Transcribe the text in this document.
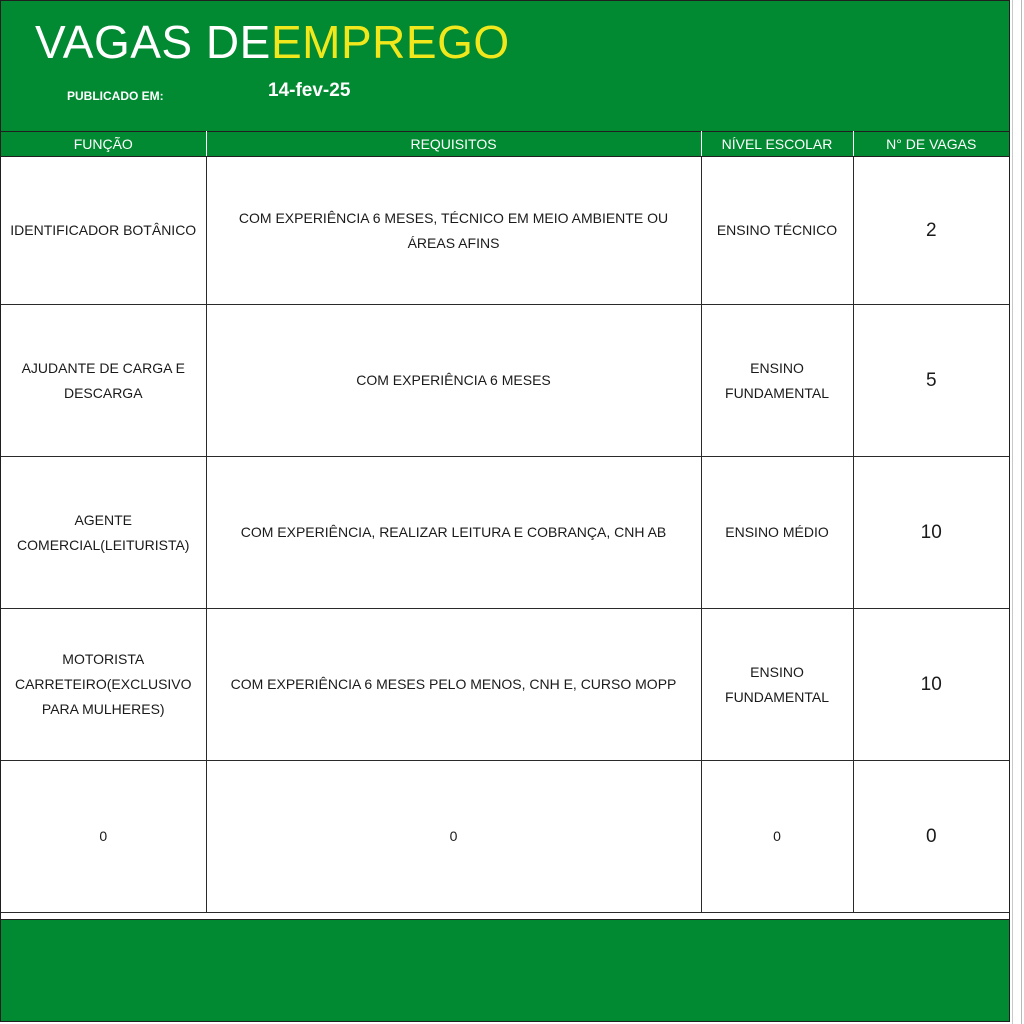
VAGAS DE EMPREGO
PUBLICADO EM:	14-fev-25
FUNÇÃO	REQUISITOS	NÍVEL ESCOLAR	N° DE VAGAS
IDENTIFICADOR BOTÂNICO	COM EXPERIÊNCIA 6 MESES, TÉCNICO EM MEIO AMBIENTE OU ÁREAS AFINS	ENSINO TÉCNICO	2
AJUDANTE DE CARGA E DESCARGA	COM EXPERIÊNCIA 6 MESES	ENSINO FUNDAMENTAL	5
AGENTE COMERCIAL(LEITURISTA)	COM EXPERIÊNCIA, REALIZAR LEITURA E COBRANÇA, CNH AB	ENSINO MÉDIO	10
MOTORISTA CARRETEIRO(EXCLUSIVO PARA MULHERES)	COM EXPERIÊNCIA 6 MESES PELO MENOS, CNH E, CURSO MOPP	ENSINO FUNDAMENTAL	10
0	0	0	0
